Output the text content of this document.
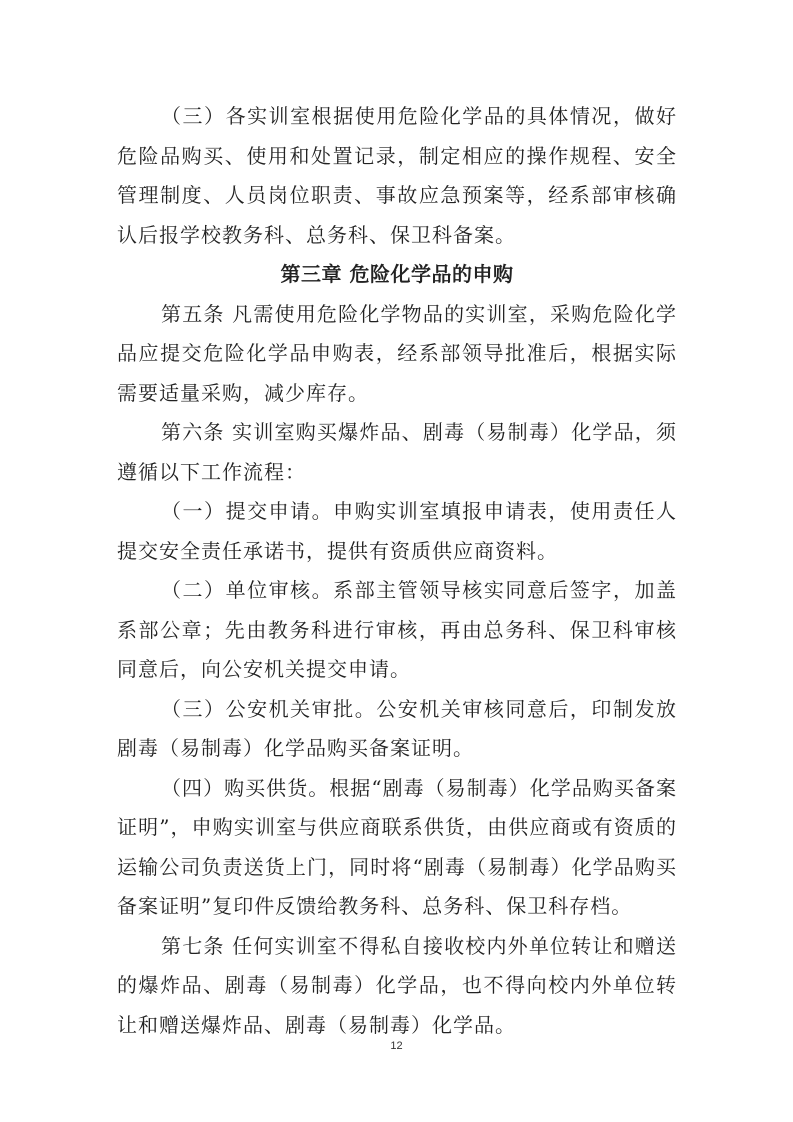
（三）各实训室根据使用危险化学品的具体情况，做好危险品购买、使用和处置记录，制定相应的操作规程、安全管理制度、人员岗位职责、事故应急预案等，经系部审核确认后报学校教务科、总务科、保卫科备案。

第三章 危险化学品的申购

第五条 凡需使用危险化学物品的实训室，采购危险化学品应提交危险化学品申购表，经系部领导批准后，根据实际需要适量采购，减少库存。

第六条 实训室购买爆炸品、剧毒（易制毒）化学品，须遵循以下工作流程：

（一）提交申请。申购实训室填报申请表，使用责任人提交安全责任承诺书，提供有资质供应商资料。

（二）单位审核。系部主管领导核实同意后签字，加盖系部公章；先由教务科进行审核，再由总务科、保卫科审核同意后，向公安机关提交申请。

（三）公安机关审批。公安机关审核同意后，印制发放剧毒（易制毒）化学品购买备案证明。

（四）购买供货。根据“剧毒（易制毒）化学品购买备案证明”，申购实训室与供应商联系供货，由供应商或有资质的运输公司负责送货上门，同时将“剧毒（易制毒）化学品购买备案证明”复印件反馈给教务科、总务科、保卫科存档。

第七条 任何实训室不得私自接收校内外单位转让和赠送的爆炸品、剧毒（易制毒）化学品，也不得向校内外单位转让和赠送爆炸品、剧毒（易制毒）化学品。

12
